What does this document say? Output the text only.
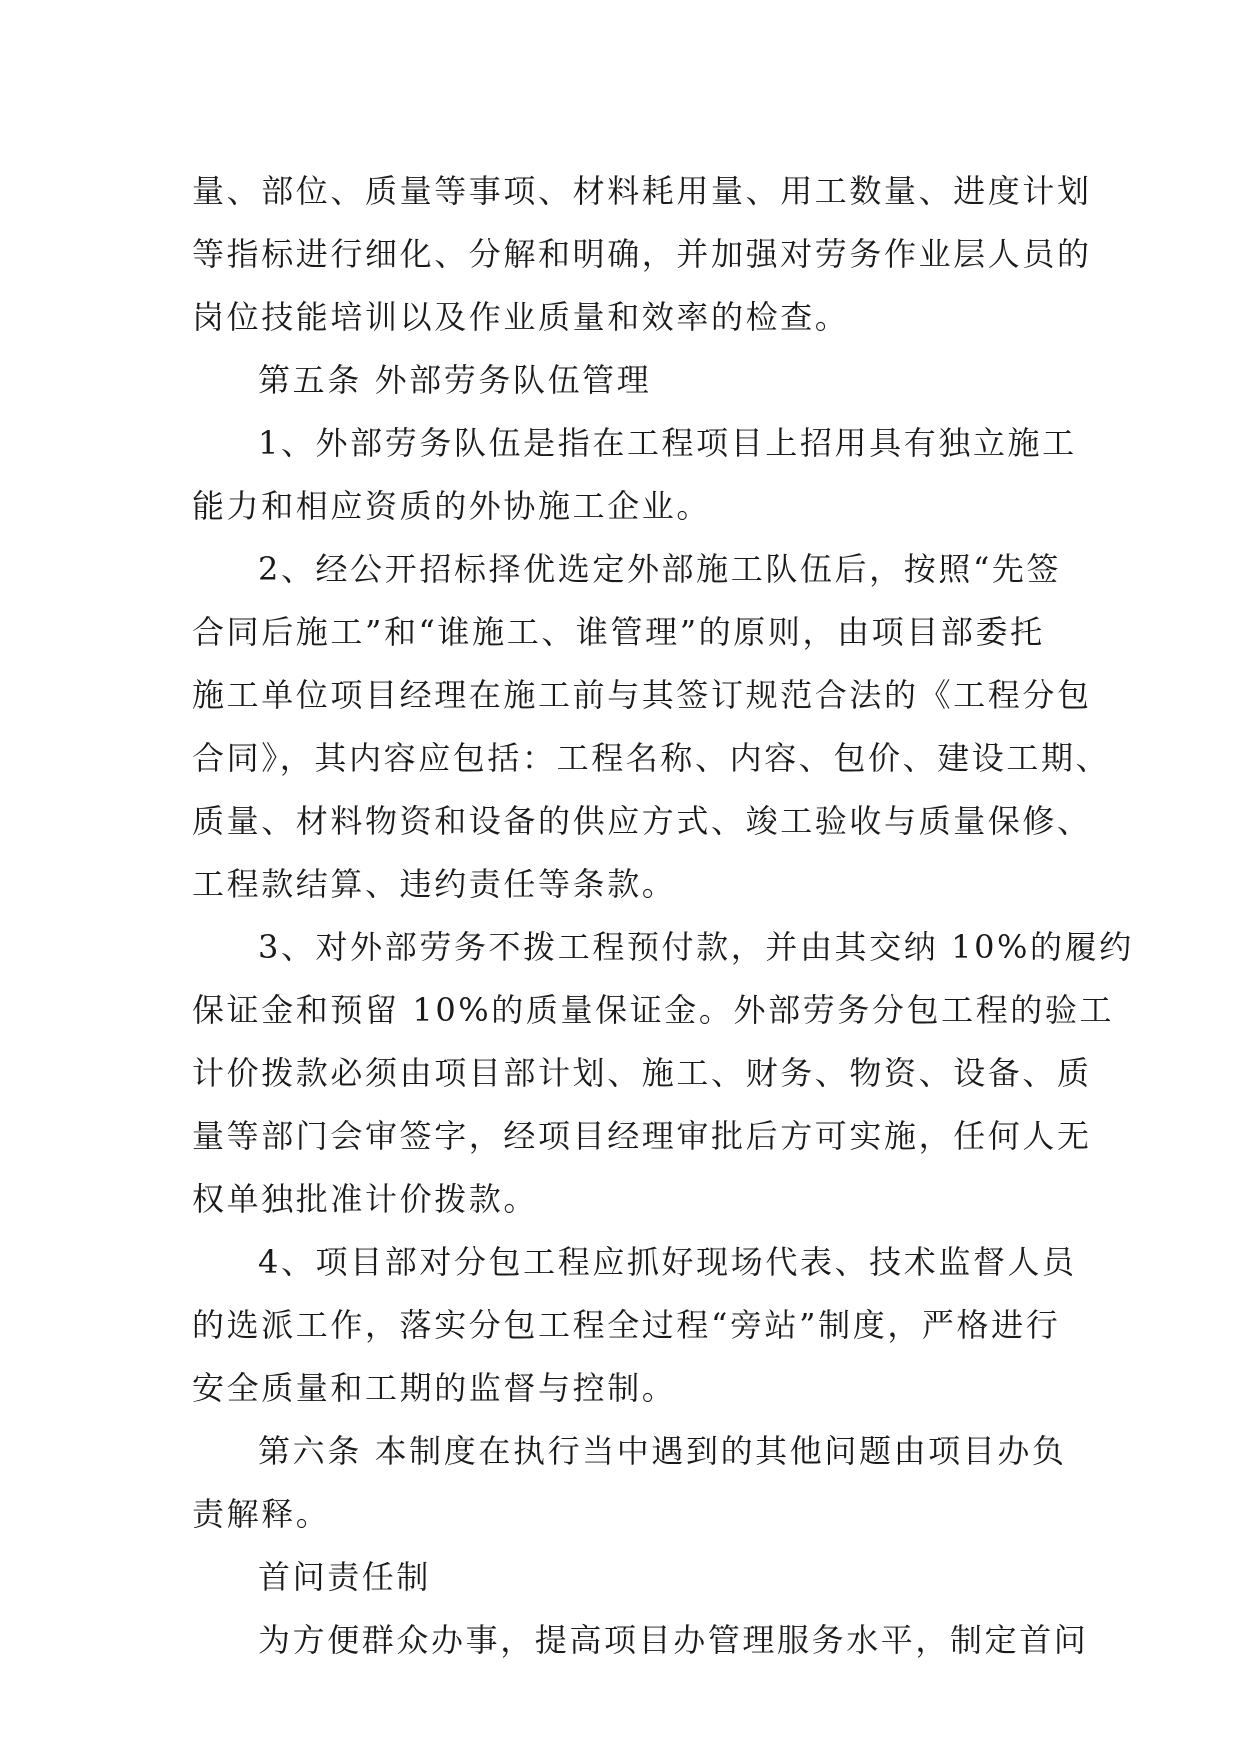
量、部位、质量等事项、材料耗用量、用工数量、进度计划
等指标进行细化、分解和明确，并加强对劳务作业层人员的
岗位技能培训以及作业质量和效率的检查。
第五条 外部劳务队伍管理
1、外部劳务队伍是指在工程项目上招用具有独立施工
能力和相应资质的外协施工企业。
2、经公开招标择优选定外部施工队伍后，按照“先签
合同后施工”和“谁施工、谁管理”的原则，由项目部委托
施工单位项目经理在施工前与其签订规范合法的《工程分包
合同》，其内容应包括：工程名称、内容、包价、建设工期、
质量、材料物资和设备的供应方式、竣工验收与质量保修、
工程款结算、违约责任等条款。
3、对外部劳务不拨工程预付款，并由其交纳 10%的履约
保证金和预留 10%的质量保证金。外部劳务分包工程的验工
计价拨款必须由项目部计划、施工、财务、物资、设备、质
量等部门会审签字，经项目经理审批后方可实施，任何人无
权单独批准计价拨款。
4、项目部对分包工程应抓好现场代表、技术监督人员
的选派工作，落实分包工程全过程“旁站”制度，严格进行
安全质量和工期的监督与控制。
第六条 本制度在执行当中遇到的其他问题由项目办负
责解释。
首问责任制
为方便群众办事，提高项目办管理服务水平，制定首问
